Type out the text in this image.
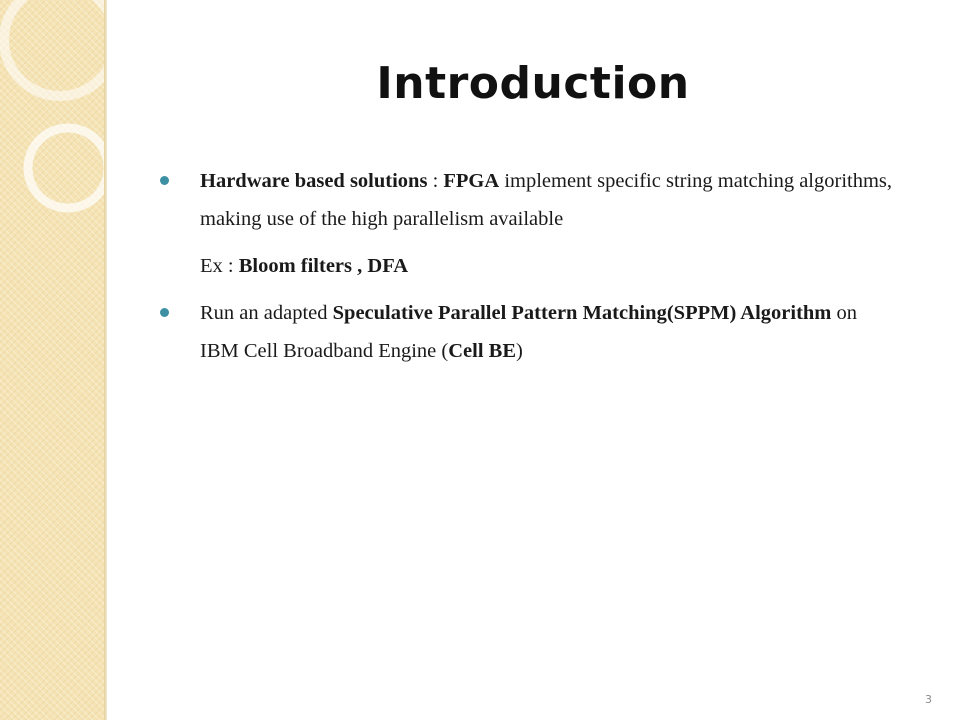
Introduction
Hardware based solutions : FPGA implement specific string matching algorithms, making use of the high parallelism available
Ex : Bloom filters , DFA
Run an adapted Speculative Parallel Pattern Matching(SPPM) Algorithm on IBM Cell Broadband Engine (Cell BE)
3
